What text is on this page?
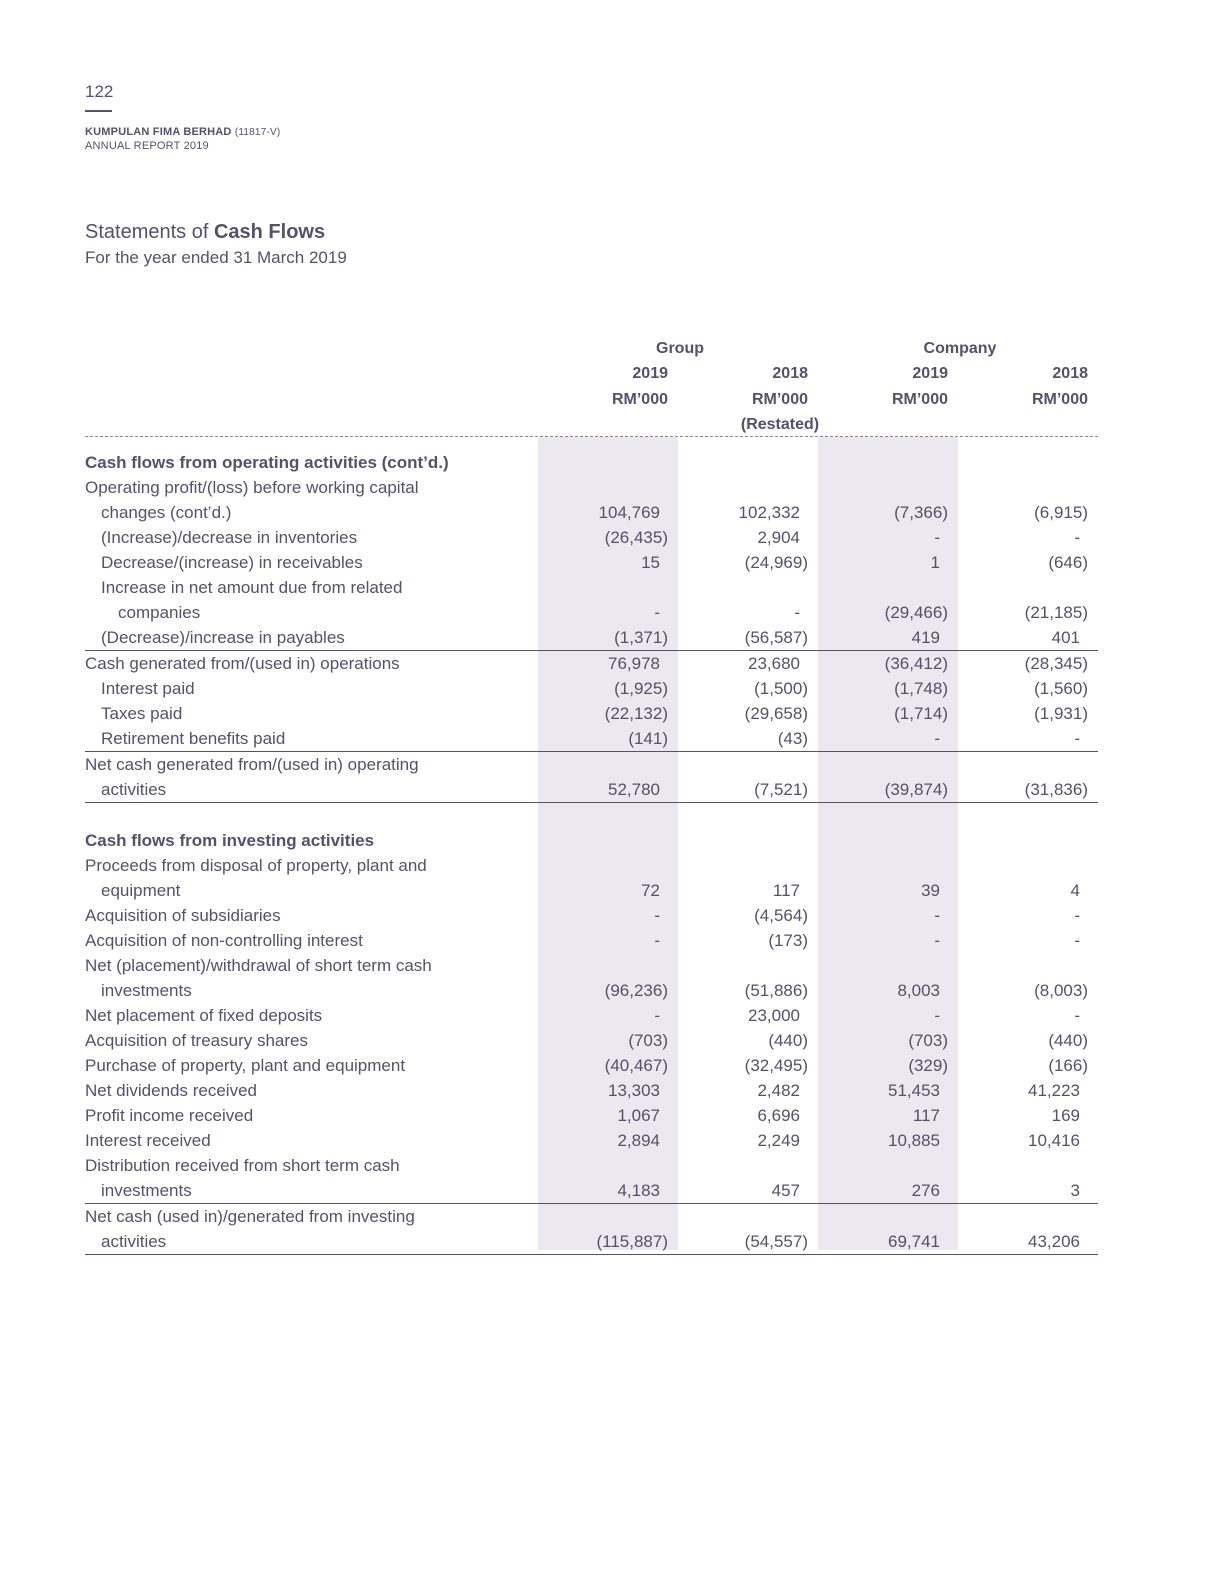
122
KUMPULAN FIMA BERHAD (11817-V)
ANNUAL REPORT 2019
Statements of Cash Flows
For the year ended 31 March 2019
Group	Company
2019	2018	2019	2018
RM’000	RM’000	RM’000	RM’000
(Restated)
Cash flows from operating activities (cont’d.)
Operating profit/(loss) before working capital
changes (cont’d.)	104,769	102,332	(7,366)	(6,915)
(Increase)/decrease in inventories	(26,435)	2,904	-	-
Decrease/(increase) in receivables	15	(24,969)	1	(646)
Increase in net amount due from related
companies	-	-	(29,466)	(21,185)
(Decrease)/increase in payables	(1,371)	(56,587)	419	401
Cash generated from/(used in) operations	76,978	23,680	(36,412)	(28,345)
Interest paid	(1,925)	(1,500)	(1,748)	(1,560)
Taxes paid	(22,132)	(29,658)	(1,714)	(1,931)
Retirement benefits paid	(141)	(43)	-	-
Net cash generated from/(used in) operating
activities	52,780	(7,521)	(39,874)	(31,836)
Cash flows from investing activities
Proceeds from disposal of property, plant and
equipment	72	117	39	4
Acquisition of subsidiaries	-	(4,564)	-	-
Acquisition of non-controlling interest	-	(173)	-	-
Net (placement)/withdrawal of short term cash
investments	(96,236)	(51,886)	8,003	(8,003)
Net placement of fixed deposits	-	23,000	-	-
Acquisition of treasury shares	(703)	(440)	(703)	(440)
Purchase of property, plant and equipment	(40,467)	(32,495)	(329)	(166)
Net dividends received	13,303	2,482	51,453	41,223
Profit income received	1,067	6,696	117	169
Interest received	2,894	2,249	10,885	10,416
Distribution received from short term cash
investments	4,183	457	276	3
Net cash (used in)/generated from investing
activities	(115,887)	(54,557)	69,741	43,206
